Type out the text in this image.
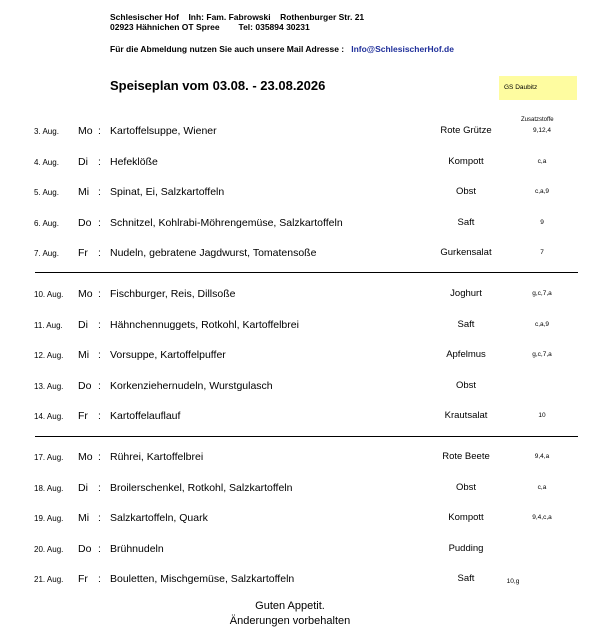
Schlesischer Hof Inh: Fam. Fabrowski Rothenburger Str. 21
02923 Hähnichen OT Spree Tel: 035894 30231
Für die Abmeldung nutzen Sie auch unsere Mail Adresse : Info@SchlesischerHof.de
Speiseplan vom 03.08. - 23.08.2026	GS Daubitz
Zusatzstoffe
3. Aug. Mo : Kartoffelsuppe, Wiener	Rote Grütze	9,12,4
4. Aug. Di : Hefeklöße	Kompott	c,a
5. Aug. Mi : Spinat, Ei, Salzkartoffeln	Obst	c,a,9
6. Aug. Do : Schnitzel, Kohlrabi-Möhrengemüse, Salzkartoffeln	Saft	9
7. Aug. Fr : Nudeln, gebratene Jagdwurst, Tomatensoße	Gurkensalat	7
10. Aug. Mo : Fischburger, Reis, Dillsoße	Joghurt	g,c,7,a
11. Aug. Di : Hähnchennuggets, Rotkohl, Kartoffelbrei	Saft	c,a,9
12. Aug. Mi : Vorsuppe, Kartoffelpuffer	Apfelmus	g,c,7,a
13. Aug. Do : Korkenziehernudeln, Wurstgulasch	Obst
14. Aug. Fr : Kartoffelauflauf	Krautsalat	10
17. Aug. Mo : Rührei, Kartoffelbrei	Rote Beete	9,4,a
18. Aug. Di : Broilerschenkel, Rotkohl, Salzkartoffeln	Obst	c,a
19. Aug. Mi : Salzkartoffeln, Quark	Kompott	9,4,c,a
20. Aug. Do : Brühnudeln	Pudding
21. Aug. Fr : Bouletten, Mischgemüse, Salzkartoffeln	Saft	10,g
Guten Appetit.
Änderungen vorbehalten
